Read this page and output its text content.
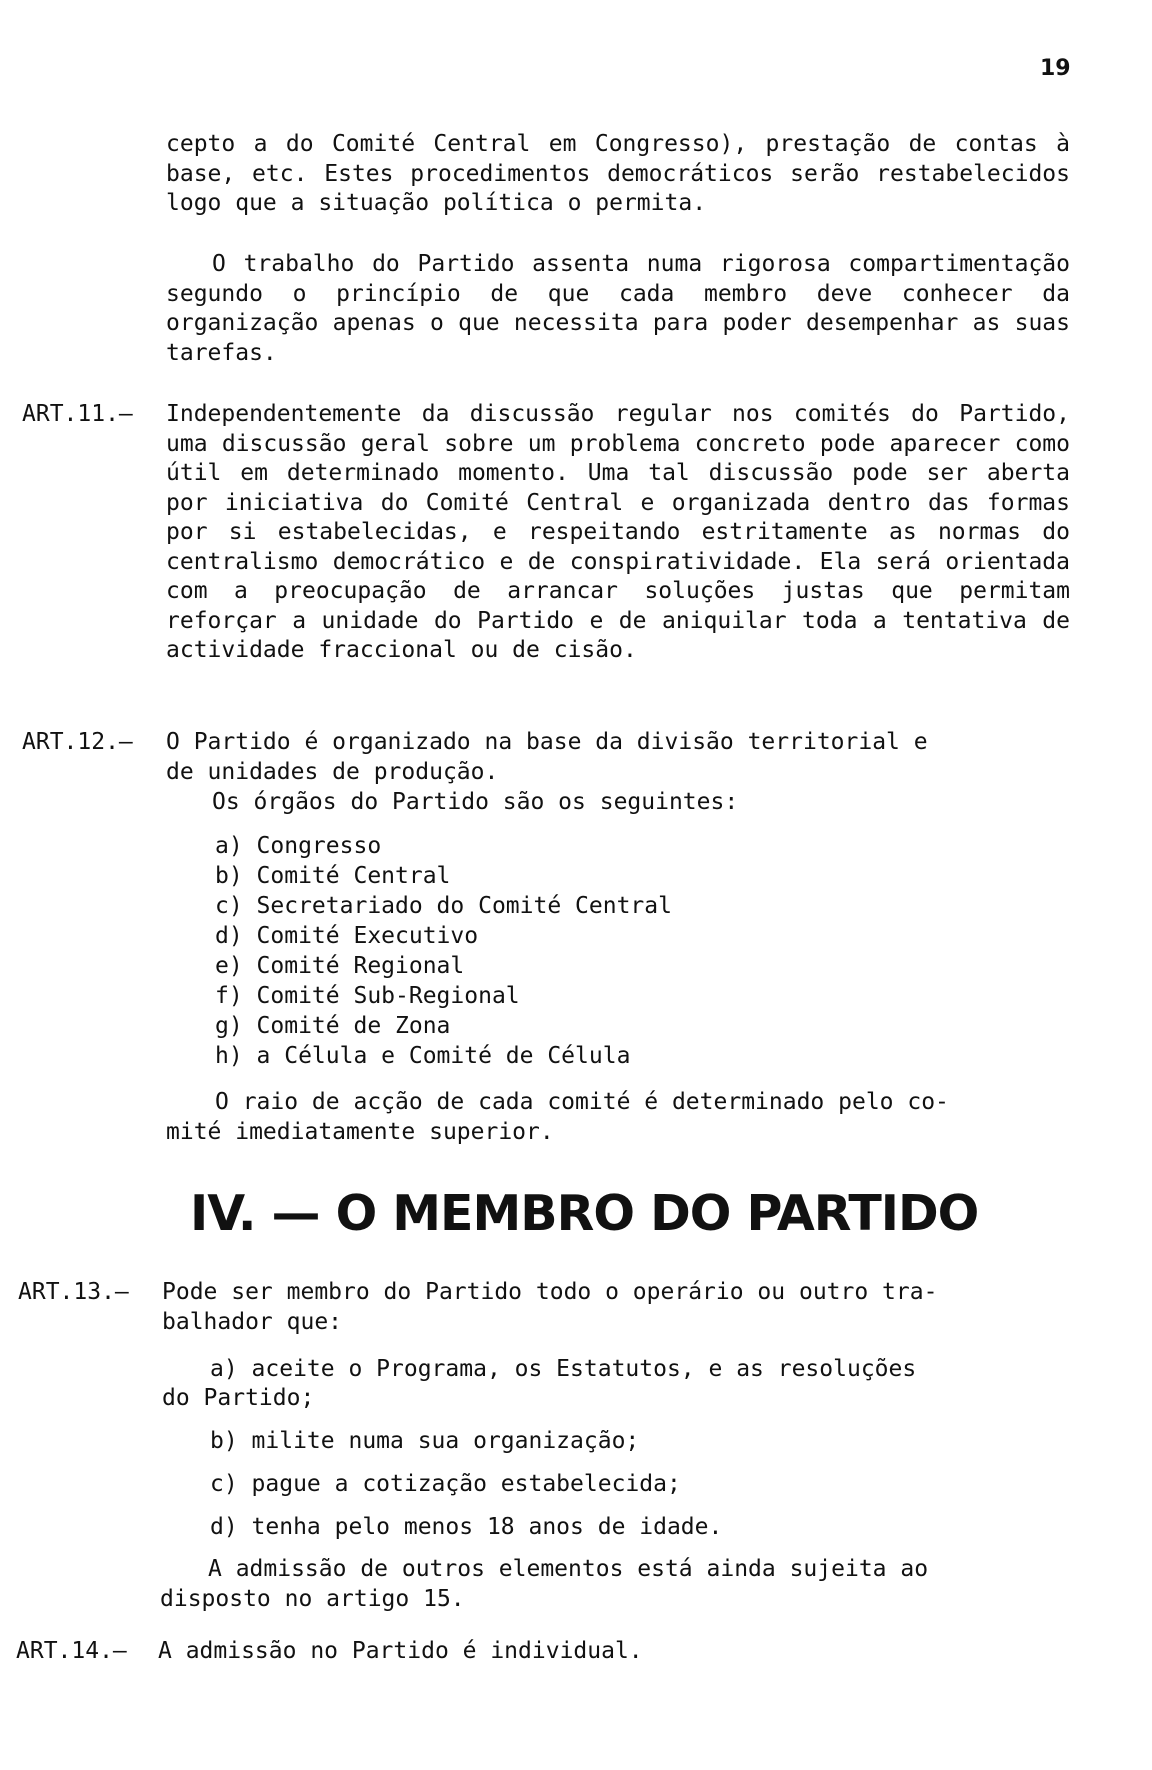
19

cepto a do Comité Central em Congresso), prestação de contas à base, etc. Estes procedimentos democráticos serão restabelecidos logo que a situação política o permita.

O trabalho do Partido assenta numa rigorosa compartimentação segundo o princípio de que cada membro deve conhecer da organização apenas o que necessita para poder desempenhar as suas tarefas.

ART.11.— Independentemente da discussão regular nos comités do Partido, uma discussão geral sobre um problema concreto pode aparecer como útil em determinado momento. Uma tal discussão pode ser aberta por iniciativa do Comité Central e organizada dentro das formas por si estabelecidas, e respeitando estritamente as normas do centralismo democrático e de conspiratividade. Ela será orientada com a preocupação de arrancar soluções justas que permitam reforçar a unidade do Partido e de aniquilar toda a tentativa de actividade fraccional ou de cisão.

ART.12.— O Partido é organizado na base da divisão territorial e
de unidades de produção.
Os órgãos do Partido são os seguintes:
a) Congresso
b) Comité Central
c) Secretariado do Comité Central
d) Comité Executivo
e) Comité Regional
f) Comité Sub-Regional
g) Comité de Zona
h) a Célula e Comité de Célula
O raio de acção de cada comité é determinado pelo co-
mité imediatamente superior.
IV. — O MEMBRO DO PARTIDO
ART.13.— Pode ser membro do Partido todo o operário ou outro tra-
balhador que:
a) aceite o Programa, os Estatutos, e as resoluções
do Partido;
b) milite numa sua organização;
c) pague a cotização estabelecida;
d) tenha pelo menos 18 anos de idade.
A admissão de outros elementos está ainda sujeita ao
disposto no artigo 15.
ART.14.— A admissão no Partido é individual.
